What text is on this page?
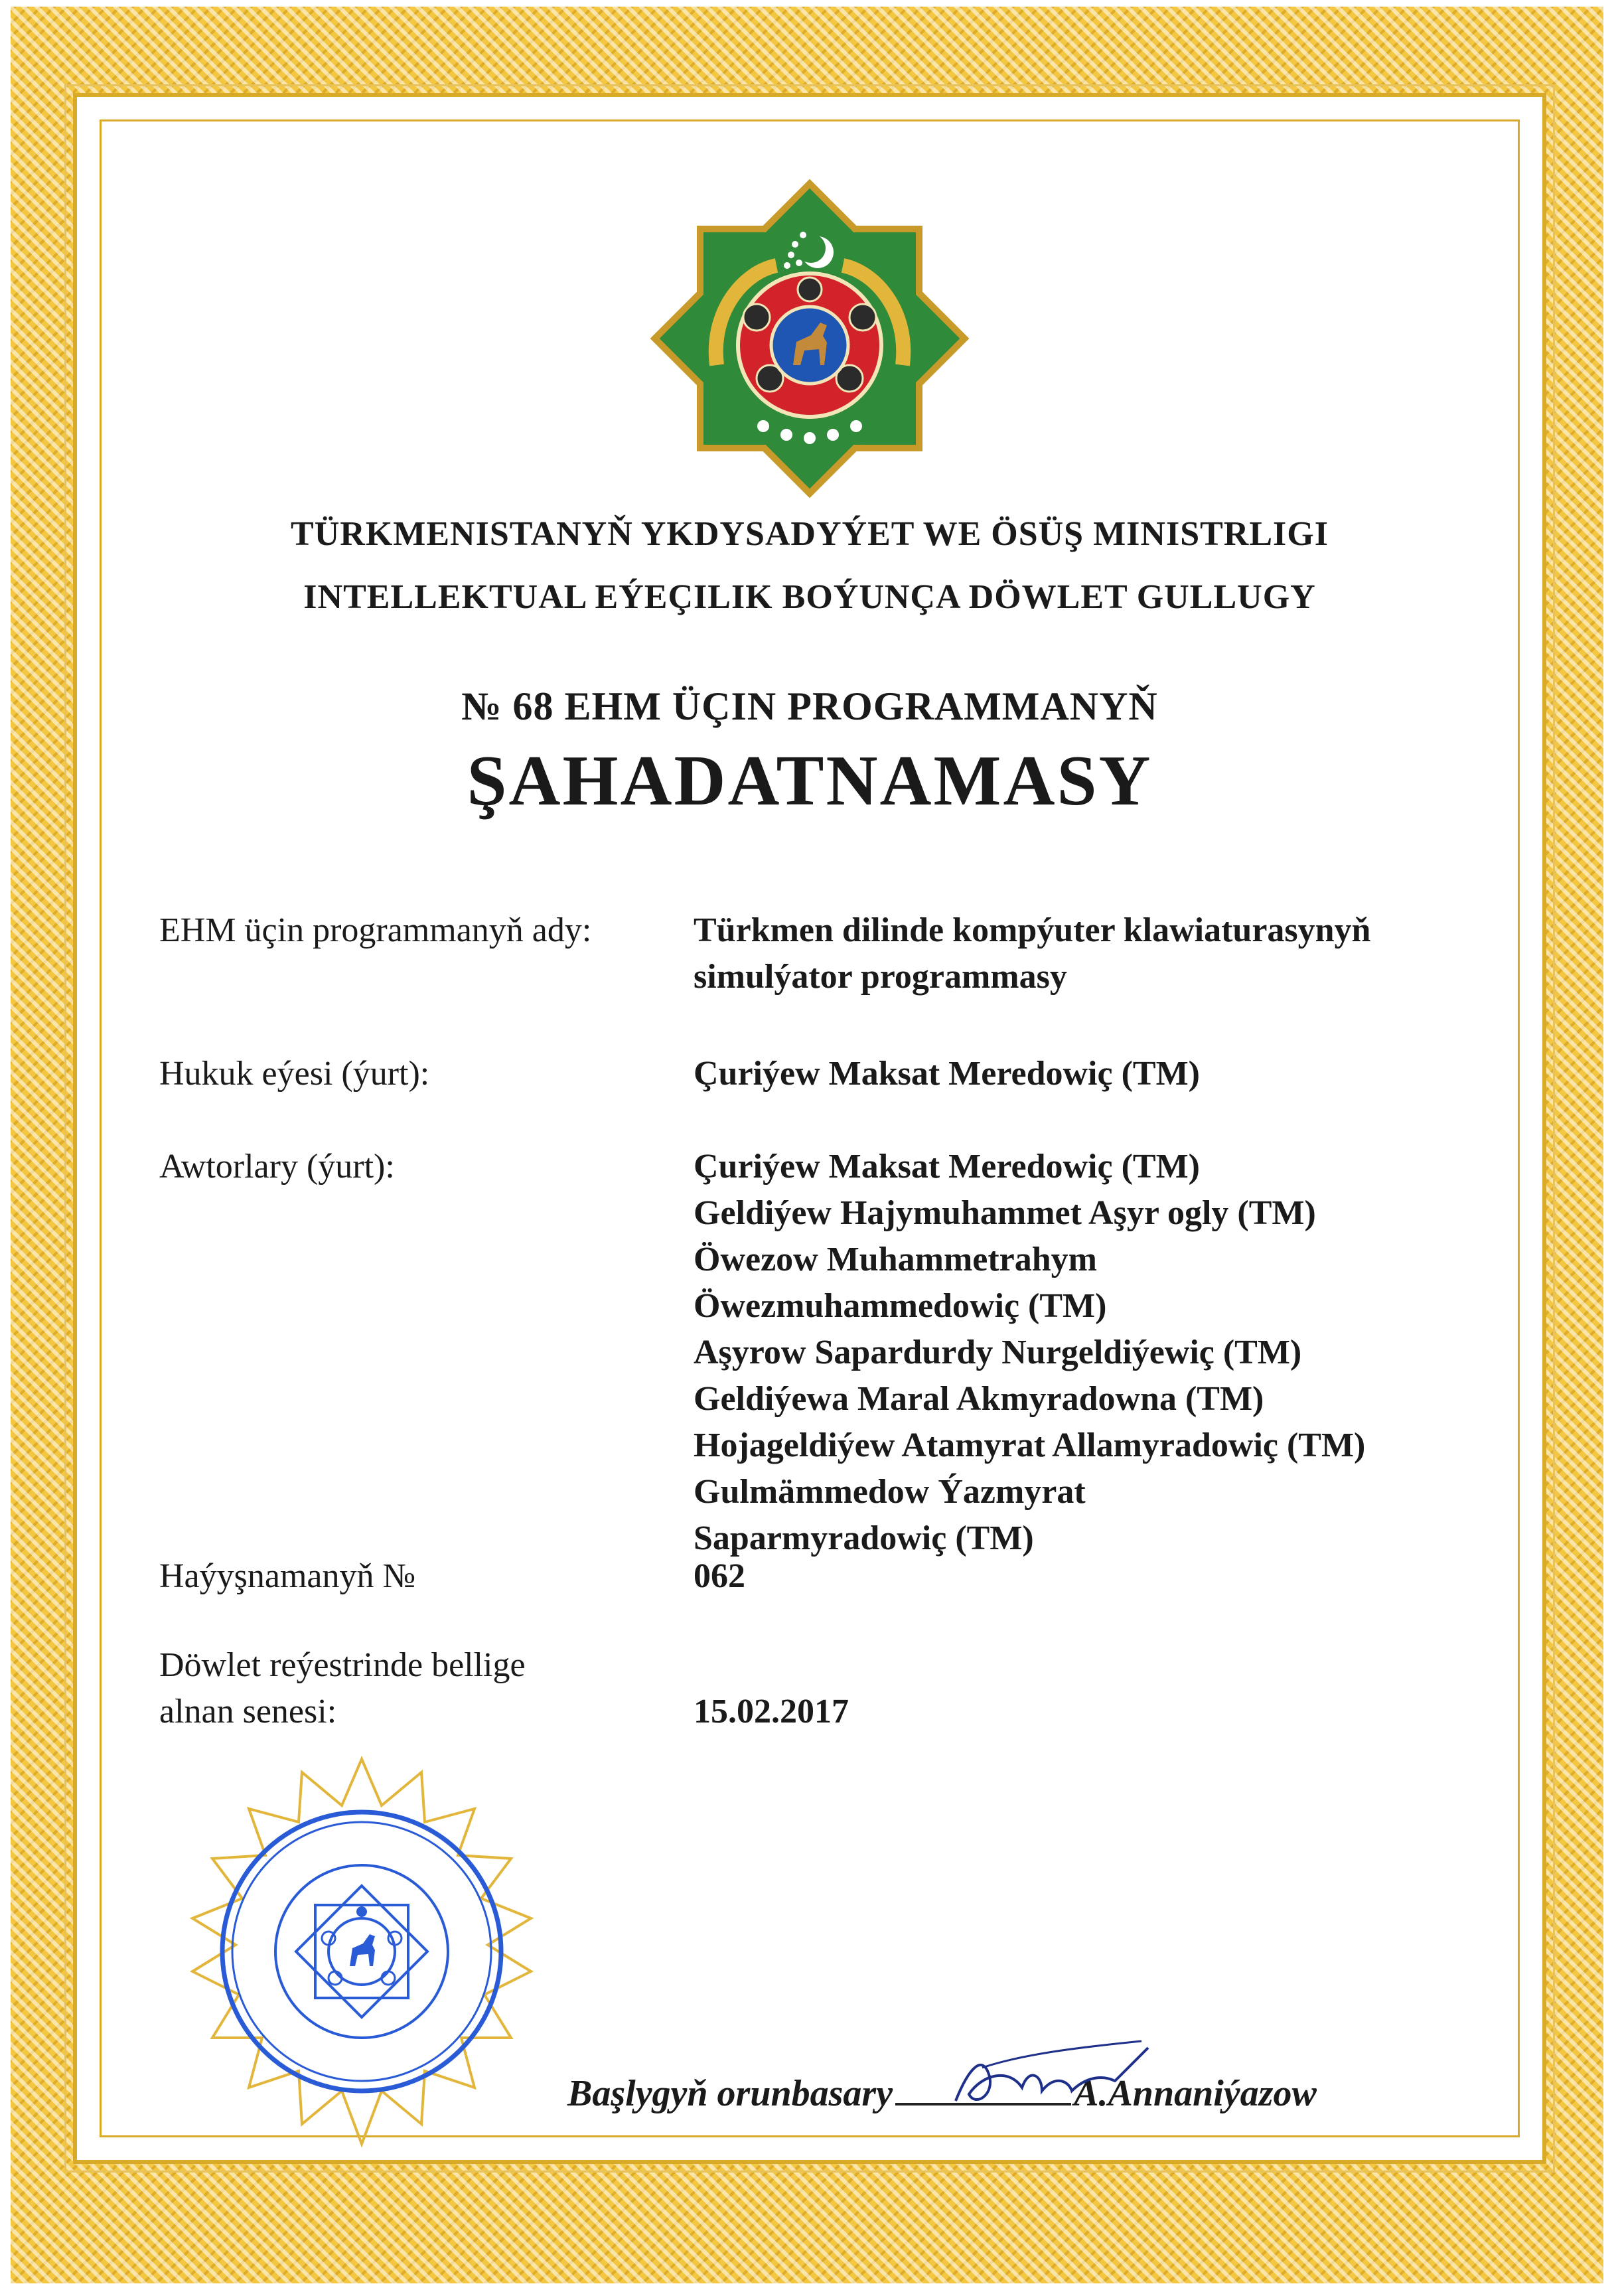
TÜRKMENISTANYŇ YKDYSADYÝET WE ÖSÜŞ MINISTRLIGI
INTELLEKTUAL EÝEÇILIK BOÝUNÇA DÖWLET GULLUGY
№ 68 EHM ÜÇIN PROGRAMMANYŇ
ŞAHADATNAMASY
EHM üçin programmanyň ady:	Türkmen dilinde kompýuter klawiaturasynyň
simulýator programmasy
Hukuk eýesi (ýurt):	Çuriýew Maksat Meredowiç (TM)
Awtorlary (ýurt):	Çuriýew Maksat Meredowiç (TM)
Geldiýew Hajymuhammet Aşyr ogly (TM)
Öwezow Muhammetrahym
Öwezmuhammedowiç (TM)
Aşyrow Sapardurdy Nurgeldiýewiç (TM)
Geldiýewa Maral Akmyradowna (TM)
Hojageldiýew Atamyrat Allamyradowiç (TM)
Gulmämmedow Ýazmyrat
Saparmyradowiç (TM)
Haýyşnamanyň №	062
Döwlet reýestrinde bellige
alnan senesi:	15.02.2017
Başlygyň orunbasary	A.Annaniýazow
